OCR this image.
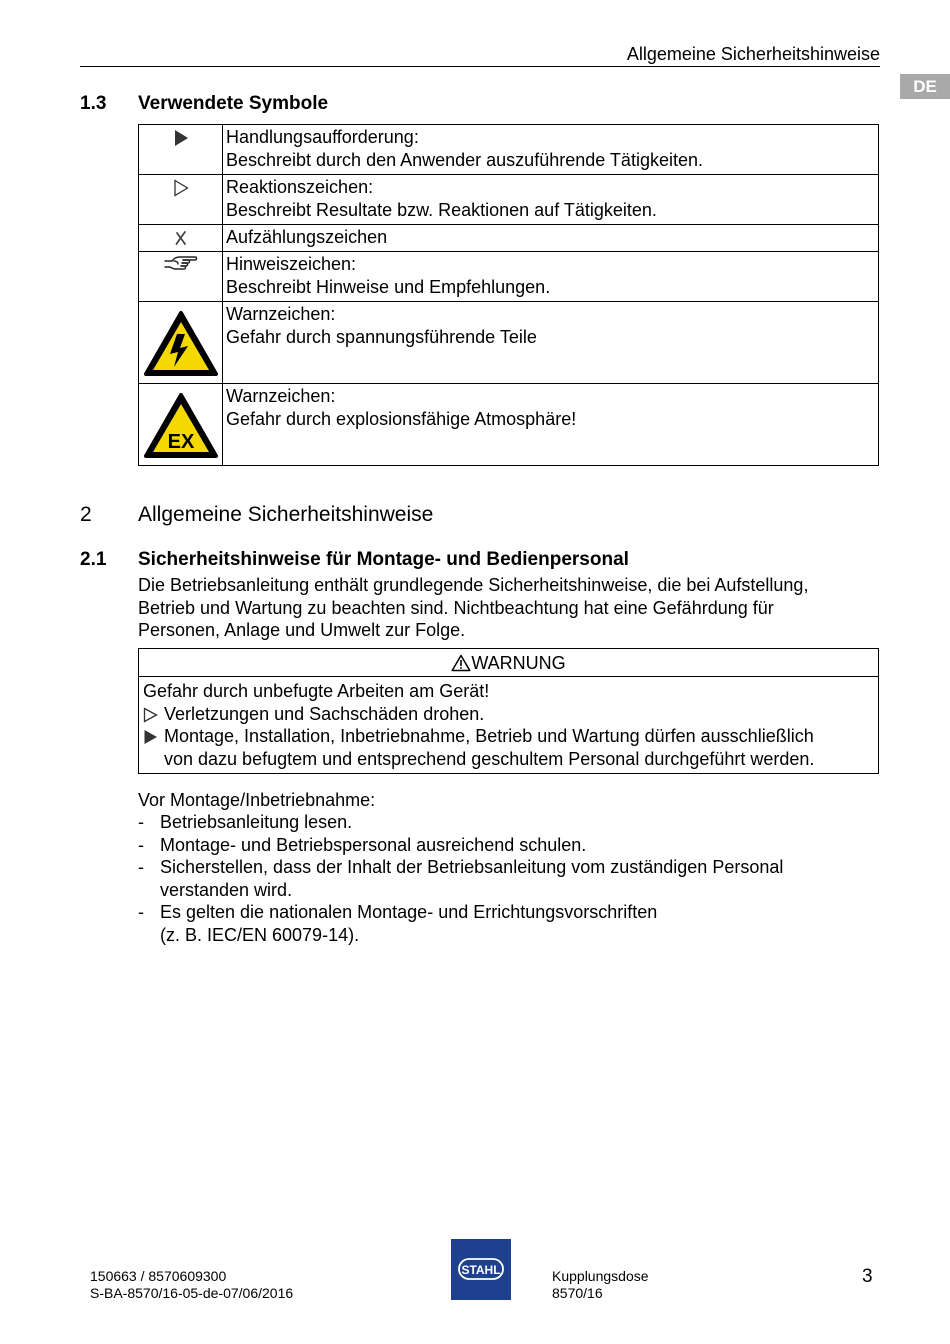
Allgemeine Sicherheitshinweise
DE
1.3 Verwendete Symbole

Handlungsaufforderung:
Beschreibt durch den Anwender auszuführende Tätigkeiten.

Reaktionszeichen:
Beschreibt Resultate bzw. Reaktionen auf Tätigkeiten.

Aufzählungszeichen

Hinweiszeichen:
Beschreibt Hinweise und Empfehlungen.

Warnzeichen:
Gefahr durch spannungsführende Teile

EX	Warnzeichen:
Gefahr durch explosionsfähige Atmosphäre!
2 Allgemeine Sicherheitshinweise
2.1 Sicherheitshinweise für Montage- und Bedienpersonal
Die Betriebsanleitung enthält grundlegende Sicherheitshinweise, die bei Aufstellung,
Betrieb und Wartung zu beachten sind. Nichtbeachtung hat eine Gefährdung für
Personen, Anlage und Umwelt zur Folge.
WARNUNG
Gefahr durch unbefugte Arbeiten am Gerät!
Verletzungen und Sachschäden drohen.
Montage, Installation, Inbetriebnahme, Betrieb und Wartung dürfen ausschließlich
von dazu befugtem und entsprechend geschultem Personal durchgeführt werden.
Vor Montage/Inbetriebnahme:
- Betriebsanleitung lesen.
- Montage- und Betriebspersonal ausreichend schulen.
- Sicherstellen, dass der Inhalt der Betriebsanleitung vom zuständigen Personal
verstanden wird.
- Es gelten die nationalen Montage- und Errichtungsvorschriften
(z. B. IEC/EN 60079-14).
150663 / 8570609300
S-BA-8570/16-05-de-07/06/2016
STAHL	Kupplungsdose
8570/16
3
